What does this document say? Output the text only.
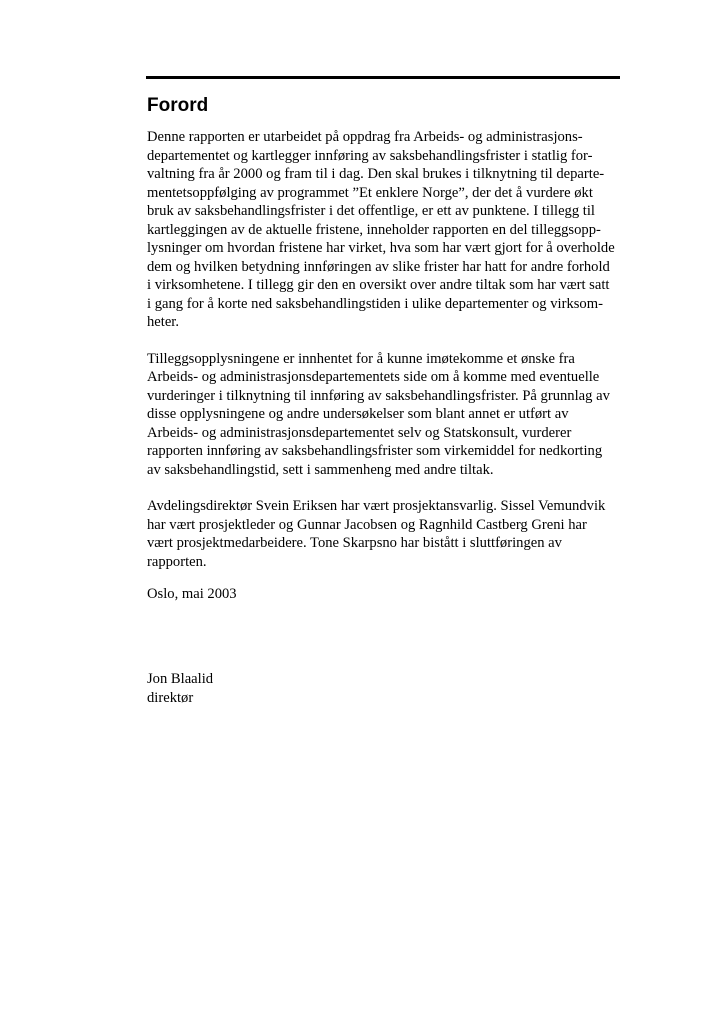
Forord

Denne rapporten er utarbeidet på oppdrag fra Arbeids- og administrasjons-
departementet og kartlegger innføring av saksbehandlingsfrister i statlig for-
valtning fra år 2000 og fram til i dag. Den skal brukes i tilknytning til departe-
mentetsoppfølging av programmet ”Et enklere Norge”, der det å vurdere økt
bruk av saksbehandlingsfrister i det offentlige, er ett av punktene. I tillegg til
kartleggingen av de aktuelle fristene, inneholder rapporten en del tilleggsopp-
lysninger om hvordan fristene har virket, hva som har vært gjort for å overholde
dem og hvilken betydning innføringen av slike frister har hatt for andre forhold
i virksomhetene. I tillegg gir den en oversikt over andre tiltak som har vært satt
i gang for å korte ned saksbehandlingstiden i ulike departementer og virksom-
heter.

Tilleggsopplysningene er innhentet for å kunne imøtekomme et ønske fra
Arbeids- og administrasjonsdepartementets side om å komme med eventuelle
vurderinger i tilknytning til innføring av saksbehandlingsfrister. På grunnlag av
disse opplysningene og andre undersøkelser som blant annet er utført av
Arbeids- og administrasjonsdepartementet selv og Statskonsult, vurderer
rapporten innføring av saksbehandlingsfrister som virkemiddel for nedkorting
av saksbehandlingstid, sett i sammenheng med andre tiltak.

Avdelingsdirektør Svein Eriksen har vært prosjektansvarlig. Sissel Vemundvik
har vært prosjektleder og Gunnar Jacobsen og Ragnhild Castberg Greni har
vært prosjektmedarbeidere. Tone Skarpsno har bistått i sluttføringen av
rapporten.

Oslo, mai 2003
Jon Blaalid
direktør
